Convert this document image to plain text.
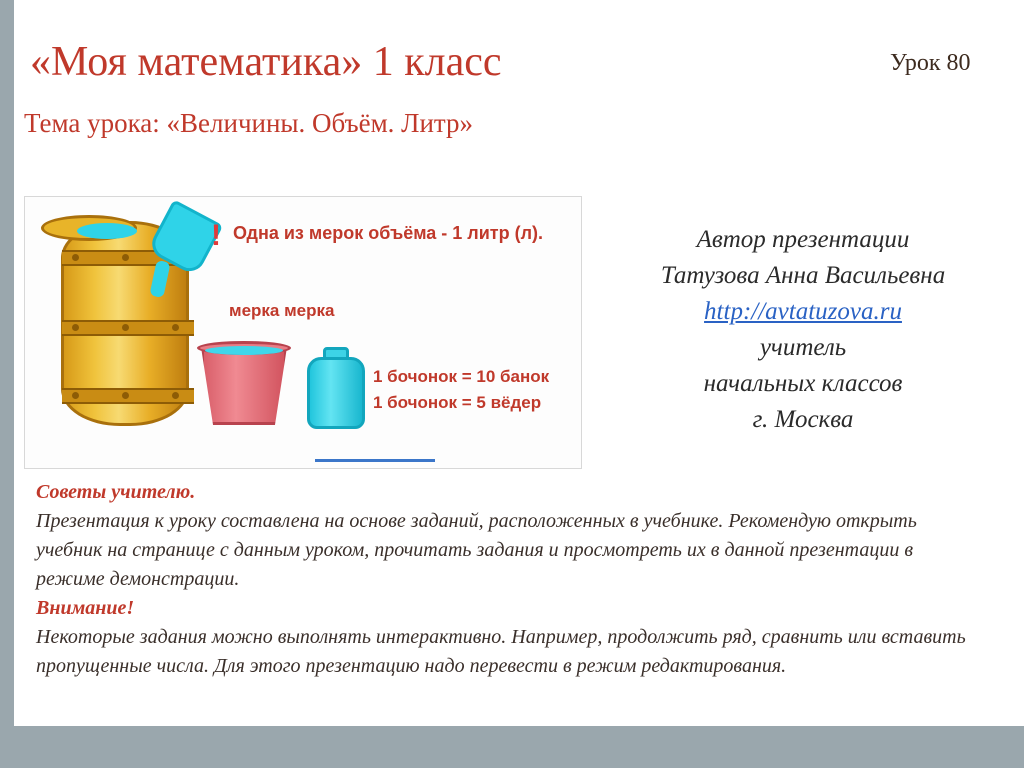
«Моя математика» 1 класс	Урок 80
Тема урока: «Величины. Объём. Литр»
! Одна из мерок объёма - 1 литр (л).
мерка мерка
1 бочонок = 10 банок
1 бочонок = 5 вёдер
Автор презентации
Татузова Анна Васильевна
http://avtatuzova.ru
учитель
начальных классов
г. Москва

Советы учителю.

Презентация к уроку составлена на основе заданий, расположенных в учебнике. Рекомендую открыть учебник на странице с данным уроком, прочитать задания и просмотреть их в данной презентации в режиме демонстрации.

Внимание!

Некоторые задания можно выполнять интерактивно. Например, продолжить ряд, сравнить или вставить пропущенные числа. Для этого презентацию надо перевести в режим редактирования.
